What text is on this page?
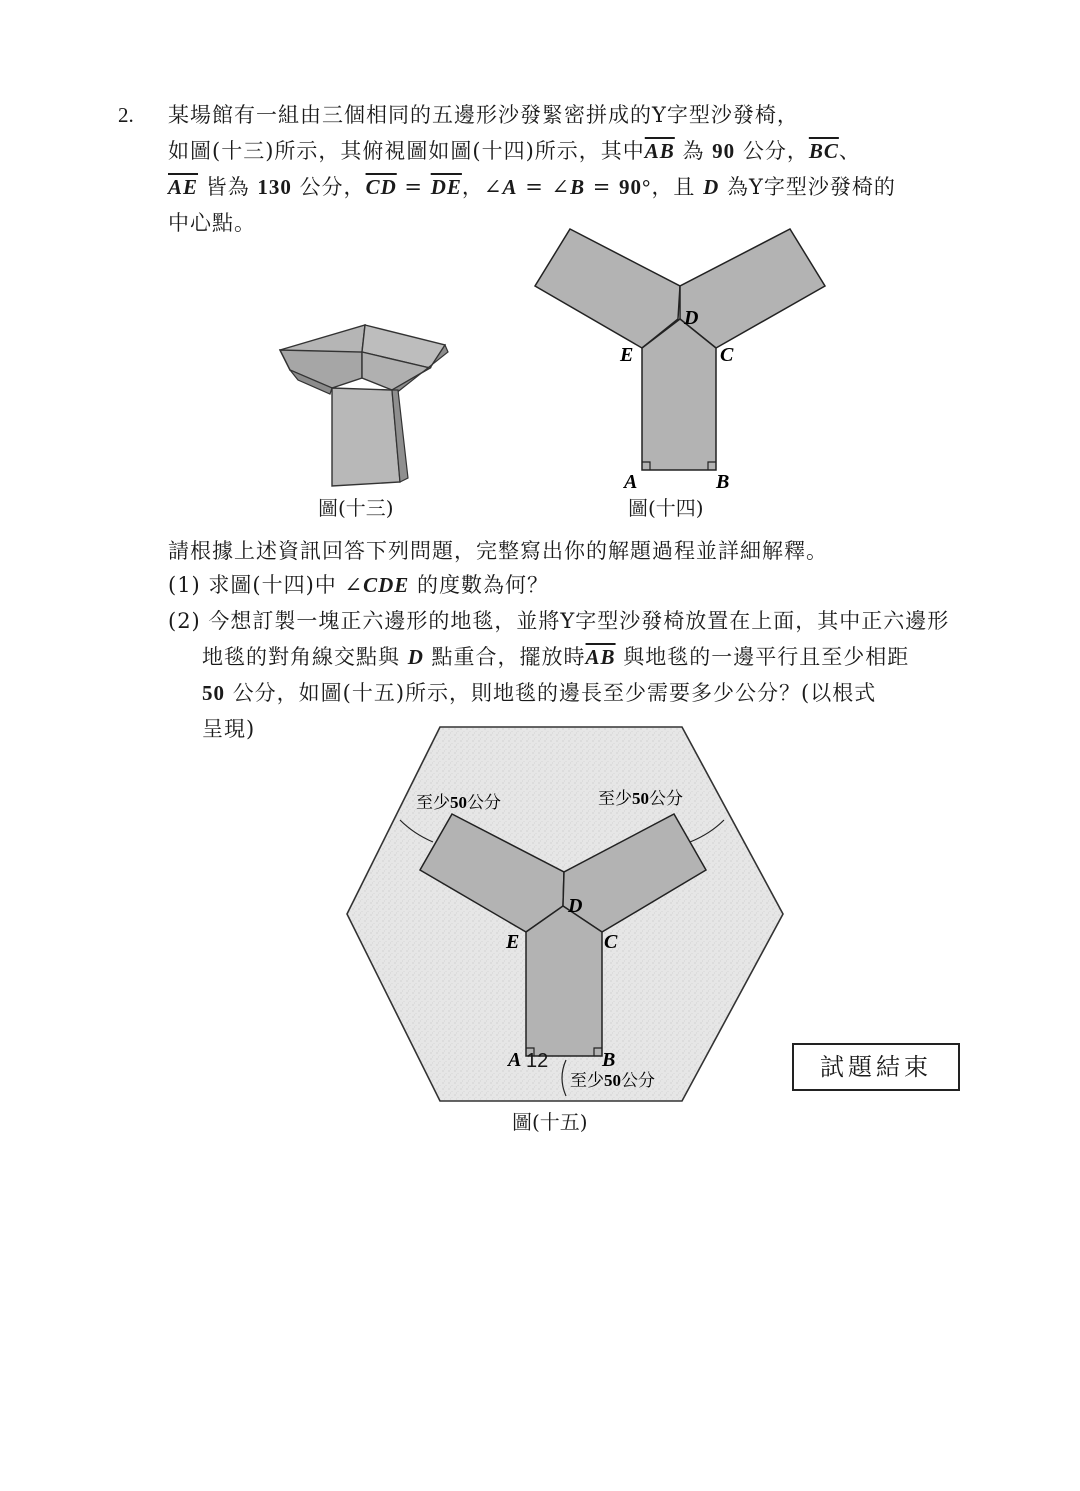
2. 某場館有一組由三個相同的五邊形沙發緊密拼成的Y字型沙發椅，
如圖(十三)所示，其俯視圖如圖(十四)所示，其中$\overline{AB}$ 為 90 公分，$\overline{BC}$、
$\overline{AE}$ 皆為 130 公分，$\overline{CD} = \overline{DE}$，∠A = ∠B = 90°，且 D 為Y字型沙發椅的
中心點。
圖(十三)
D
E	C
A	B
圖(十四)
請根據上述資訊回答下列問題，完整寫出你的解題過程並詳細解釋。
(1) 求圖(十四)中 ∠CDE 的度數為何？
(2) 今想訂製一塊正六邊形的地毯，並將Y字型沙發椅放置在上面，其中正六邊形
地毯的對角線交點與 D 點重合，擺放時$\overline{AB}$ 與地毯的一邊平行且至少相距
50 公分，如圖(十五)所示，則地毯的邊長至少需要多少公分？(以根式
呈現)
D
E	C
A	B
至少50公分	至少50公分
至少50公分
圖(十五)
12	試題結束
